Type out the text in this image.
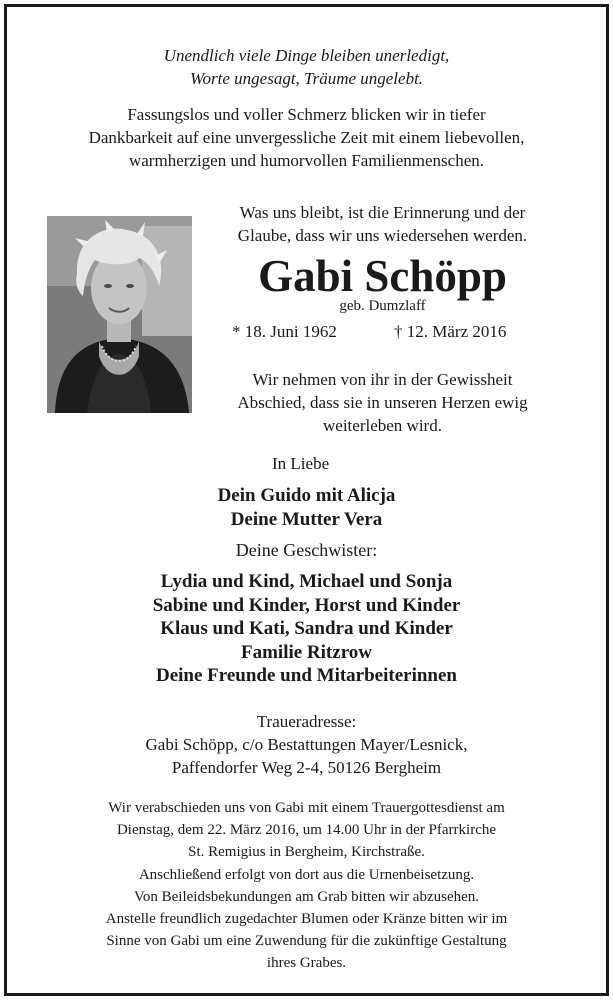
Unendlich viele Dinge bleiben unerledigt,
Worte ungesagt, Träume ungelebt.

Fassungslos und voller Schmerz blicken wir in tiefer
Dankbarkeit auf eine unvergessliche Zeit mit einem liebevollen,
warmherzigen und humorvollen Familienmenschen.

Was uns bleibt, ist die Erinnerung und der
Glaube, dass wir uns wiedersehen werden.

Gabi Schöpp

geb. Dumzlaff

* 18. Juni 1962	† 12. März 2016

Wir nehmen von ihr in der Gewissheit
Abschied, dass sie in unseren Herzen ewig
weiterleben wird.

In Liebe

Dein Guido mit Alicja
Deine Mutter Vera

Deine Geschwister:

Lydia und Kind, Michael und Sonja
Sabine und Kinder, Horst und Kinder
Klaus und Kati, Sandra und Kinder
Familie Ritzrow
Deine Freunde und Mitarbeiterinnen

Traueradresse:
Gabi Schöpp, c/o Bestattungen Mayer/Lesnick,
Paffendorfer Weg 2-4, 50126 Bergheim

Wir verabschieden uns von Gabi mit einem Trauergottesdienst am
Dienstag, dem 22. März 2016, um 14.00 Uhr in der Pfarrkirche
St. Remigius in Bergheim, Kirchstraße.
Anschließend erfolgt von dort aus die Urnenbeisetzung.
Von Beileidsbekundungen am Grab bitten wir abzusehen.
Anstelle freundlich zugedachter Blumen oder Kränze bitten wir im
Sinne von Gabi um eine Zuwendung für die zukünftige Gestaltung
ihres Grabes.
